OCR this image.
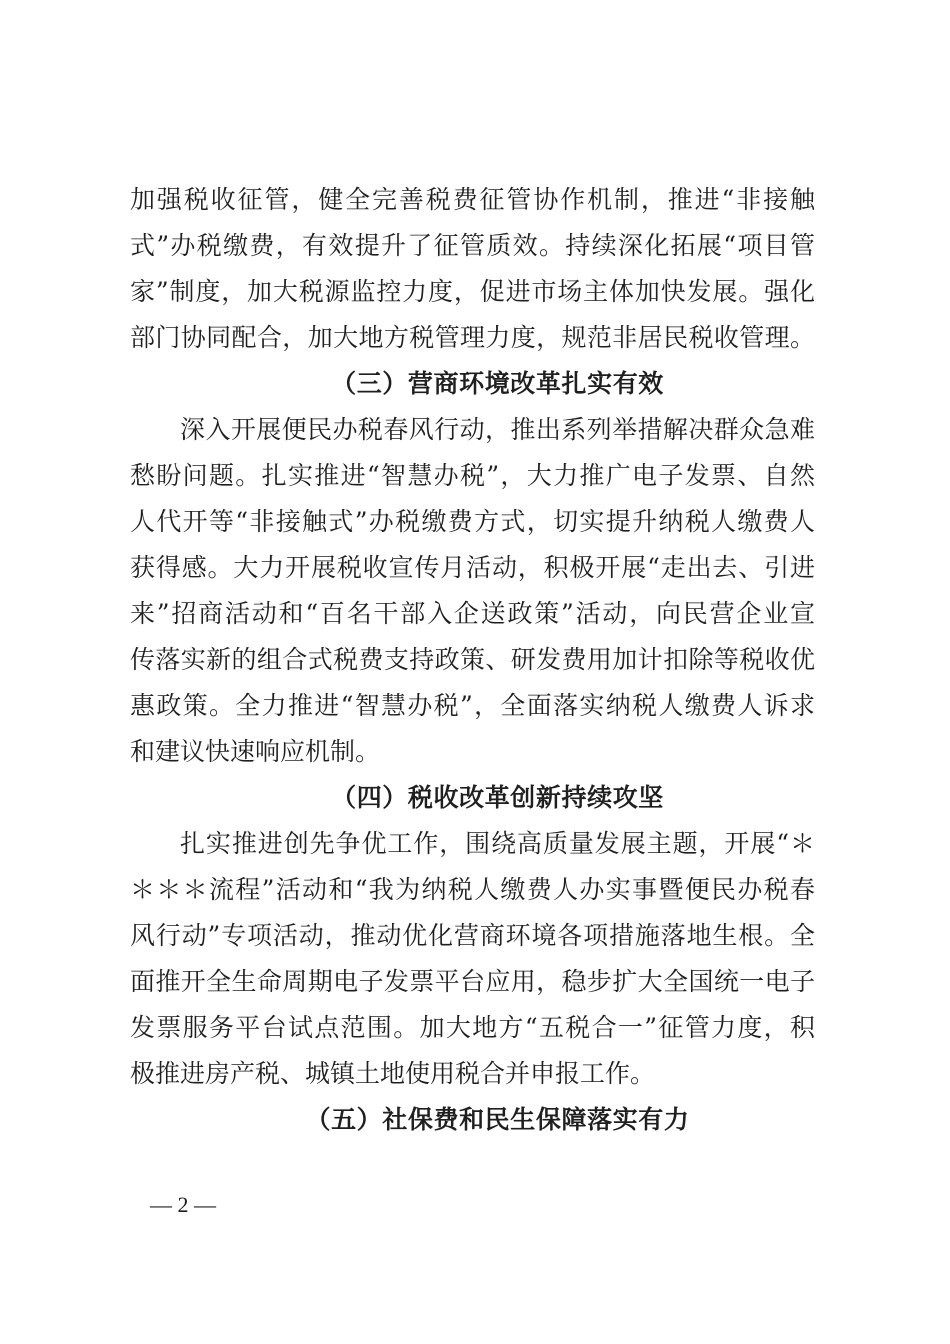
加强税收征管，健全完善税费征管协作机制，推进“非接触
式”办税缴费，有效提升了征管质效。持续深化拓展“项目管
家”制度，加大税源监控力度，促进市场主体加快发展。强化
部门协同配合，加大地方税管理力度，规范非居民税收管理。
（三）营商环境改革扎实有效
深入开展便民办税春风行动，推出系列举措解决群众急难
愁盼问题。扎实推进“智慧办税”，大力推广电子发票、自然
人代开等“非接触式”办税缴费方式，切实提升纳税人缴费人
获得感。大力开展税收宣传月活动，积极开展“走出去、引进
来”招商活动和“百名干部入企送政策”活动，向民营企业宣
传落实新的组合式税费支持政策、研发费用加计扣除等税收优
惠政策。全力推进“智慧办税”，全面落实纳税人缴费人诉求
和建议快速响应机制。
（四）税收改革创新持续攻坚
扎实推进创先争优工作，围绕高质量发展主题，开展“＊
＊＊＊流程”活动和“我为纳税人缴费人办实事暨便民办税春
风行动”专项活动，推动优化营商环境各项措施落地生根。全
面推开全生命周期电子发票平台应用，稳步扩大全国统一电子
发票服务平台试点范围。加大地方“五税合一”征管力度，积
极推进房产税、城镇土地使用税合并申报工作。
（五）社保费和民生保障落实有力
— 2 —
